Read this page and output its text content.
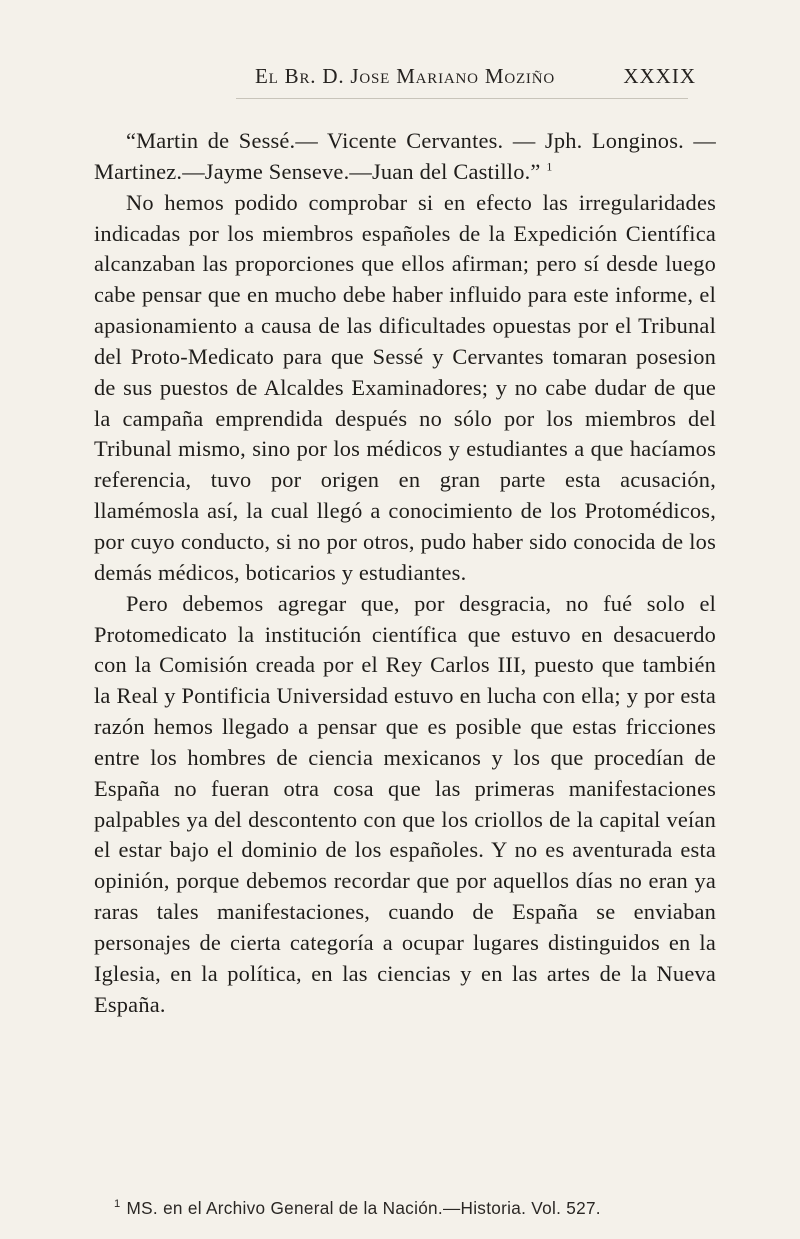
El Br. D. Jose Mariano Moziño	XXXIX

“Martin de Sessé.— Vicente Cervantes. — Jph. Longinos. — Martinez.—Jayme Senseve.—Juan del Castillo.” $^1$

No hemos podido comprobar si en efecto las irregularidades indicadas por los miembros españoles de la Expedición Científica alcanzaban las proporciones que ellos afirman; pero sí desde luego cabe pensar que en mucho debe haber influido para este informe, el apasionamiento a causa de las dificultades opuestas por el Tribunal del Proto-Medicato para que Sessé y Cervantes tomaran posesion de sus puestos de Alcaldes Examinadores; y no cabe dudar de que la campaña emprendida después no sólo por los miembros del Tribunal mismo, sino por los médicos y estudiantes a que hacíamos referencia, tuvo por origen en gran parte esta acusación, llamémosla así, la cual llegó a conocimiento de los Protomédicos, por cuyo conducto, si no por otros, pudo haber sido conocida de los demás médicos, boticarios y estudiantes.

Pero debemos agregar que, por desgracia, no fué solo el Protomedicato la institución científica que estuvo en desacuerdo con la Comisión creada por el Rey Carlos III, puesto que también la Real y Pontificia Universidad estuvo en lucha con ella; y por esta razón hemos llegado a pensar que es posible que estas fricciones entre los hombres de ciencia mexicanos y los que procedían de España no fueran otra cosa que las primeras manifestaciones palpables ya del descontento con que los criollos de la capital veían el estar bajo el dominio de los españoles. Y no es aventurada esta opinión, porque debemos recordar que por aquellos días no eran ya raras tales manifestaciones, cuando de España se enviaban personajes de cierta categoría a ocupar lugares distinguidos en la Iglesia, en la política, en las ciencias y en las artes de la Nueva España.

$^1$ MS. en el Archivo General de la Nación.—Historia. Vol. 527.
